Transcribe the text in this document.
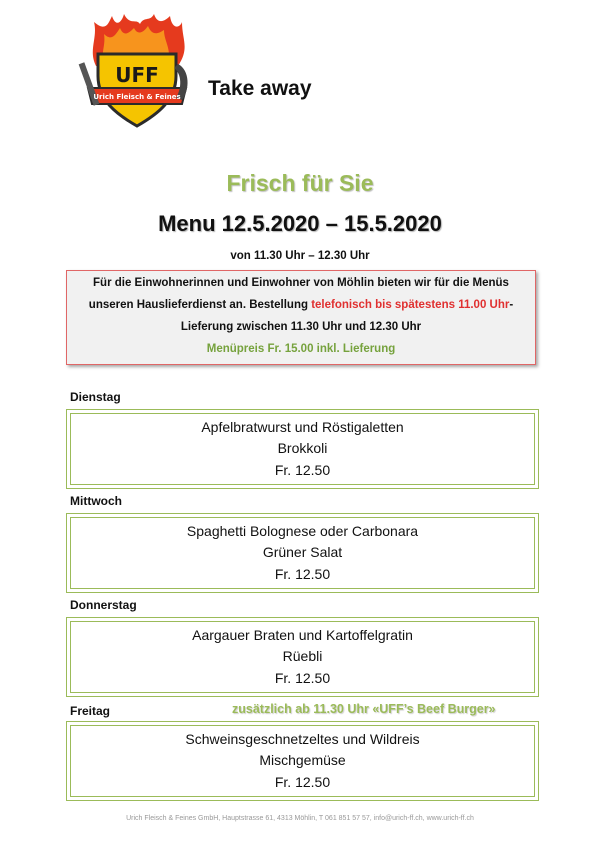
UFF
Urich Fleisch & Feines Take away
Frisch für Sie
Menu 12.5.2020 – 15.5.2020
von 11.30 Uhr – 12.30 Uhr
Für die Einwohnerinnen und Einwohner von Möhlin bieten wir für die Menüs
unseren Hauslieferdienst an. Bestellung telefonisch bis spätestens 11.00 Uhr-
Lieferung zwischen 11.30 Uhr und 12.30 Uhr
Menüpreis Fr. 15.00 inkl. Lieferung
Dienstag
Apfelbratwurst und Röstigaletten
Brokkoli
Fr. 12.50
Mittwoch
Spaghetti Bolognese oder Carbonara
Grüner Salat
Fr. 12.50
Donnerstag
Aargauer Braten und Kartoffelgratin
Rüebli
Fr. 12.50
Freitag	zusätzlich ab 11.30 Uhr «UFF’s Beef Burger»
Schweinsgeschnetzeltes und Wildreis
Mischgemüse
Fr. 12.50
Urich Fleisch & Feines GmbH, Hauptstrasse 61, 4313 Möhlin, T 061 851 57 57, info@urich-ff.ch, www.urich-ff.ch
